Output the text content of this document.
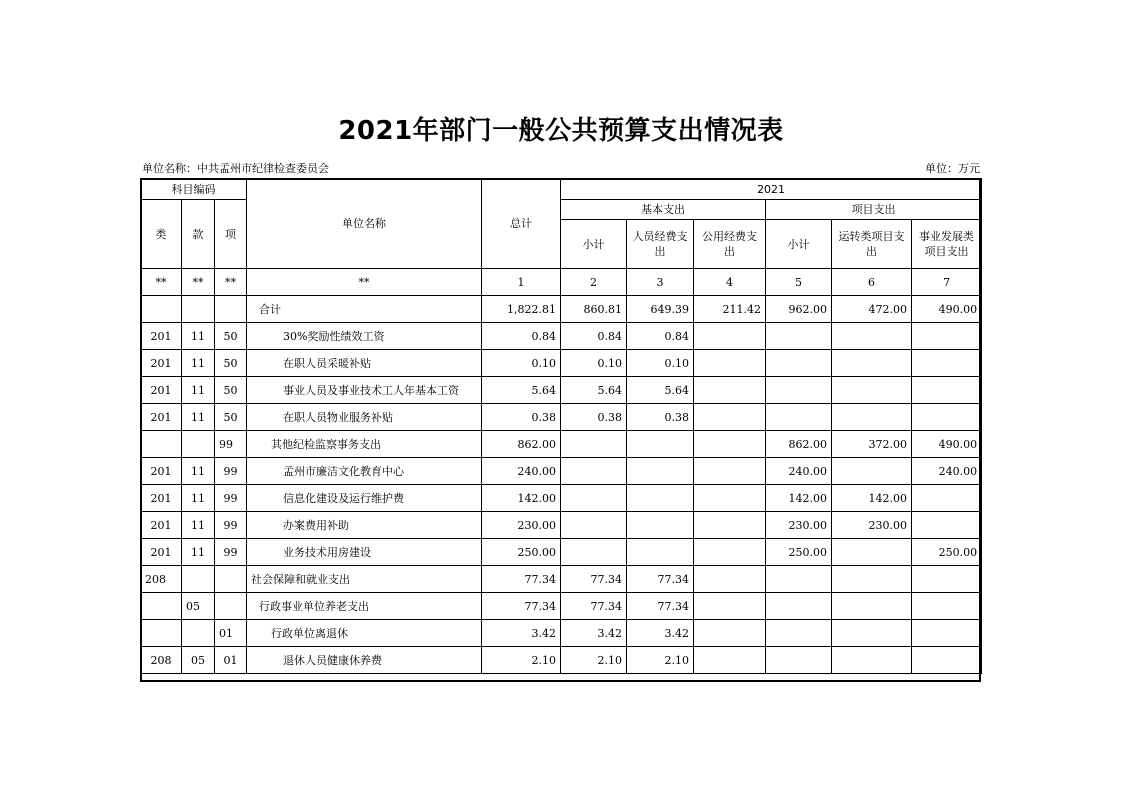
2021年部门一般公共预算支出情况表
单位名称：中共孟州市纪律检查委员会	单位：万元
科目编码			单位名称	总计	2021					
类	款	项			基本支出			项目支出		
					小计	人员经费支出	公用经费支出	小计	运转类项目支出	事业发展类项目支出
**	**	**	**	1	2	3	4	5	6	7
			合计	1,822.81	860.81	649.39	211.42	962.00	472.00	490.00
201	11	50	30%奖励性绩效工资	0.84	0.84	0.84				
201	11	50	在职人员采暖补贴	0.10	0.10	0.10				
201	11	50	事业人员及事业技术工人年基本工资	5.64	5.64	5.64				
201	11	50	在职人员物业服务补贴	0.38	0.38	0.38				
		99	其他纪检监察事务支出	862.00				862.00	372.00	490.00
201	11	99	孟州市廉洁文化教育中心	240.00				240.00		240.00
201	11	99	信息化建设及运行维护费	142.00				142.00	142.00	
201	11	99	办案费用补助	230.00				230.00	230.00	
201	11	99	业务技术用房建设	250.00				250.00		250.00
208			社会保障和就业支出	77.34	77.34	77.34				
	05		行政事业单位养老支出	77.34	77.34	77.34				
		01	行政单位离退休	3.42	3.42	3.42				
208	05	01	退休人员健康休养费	2.10	2.10	2.10				
